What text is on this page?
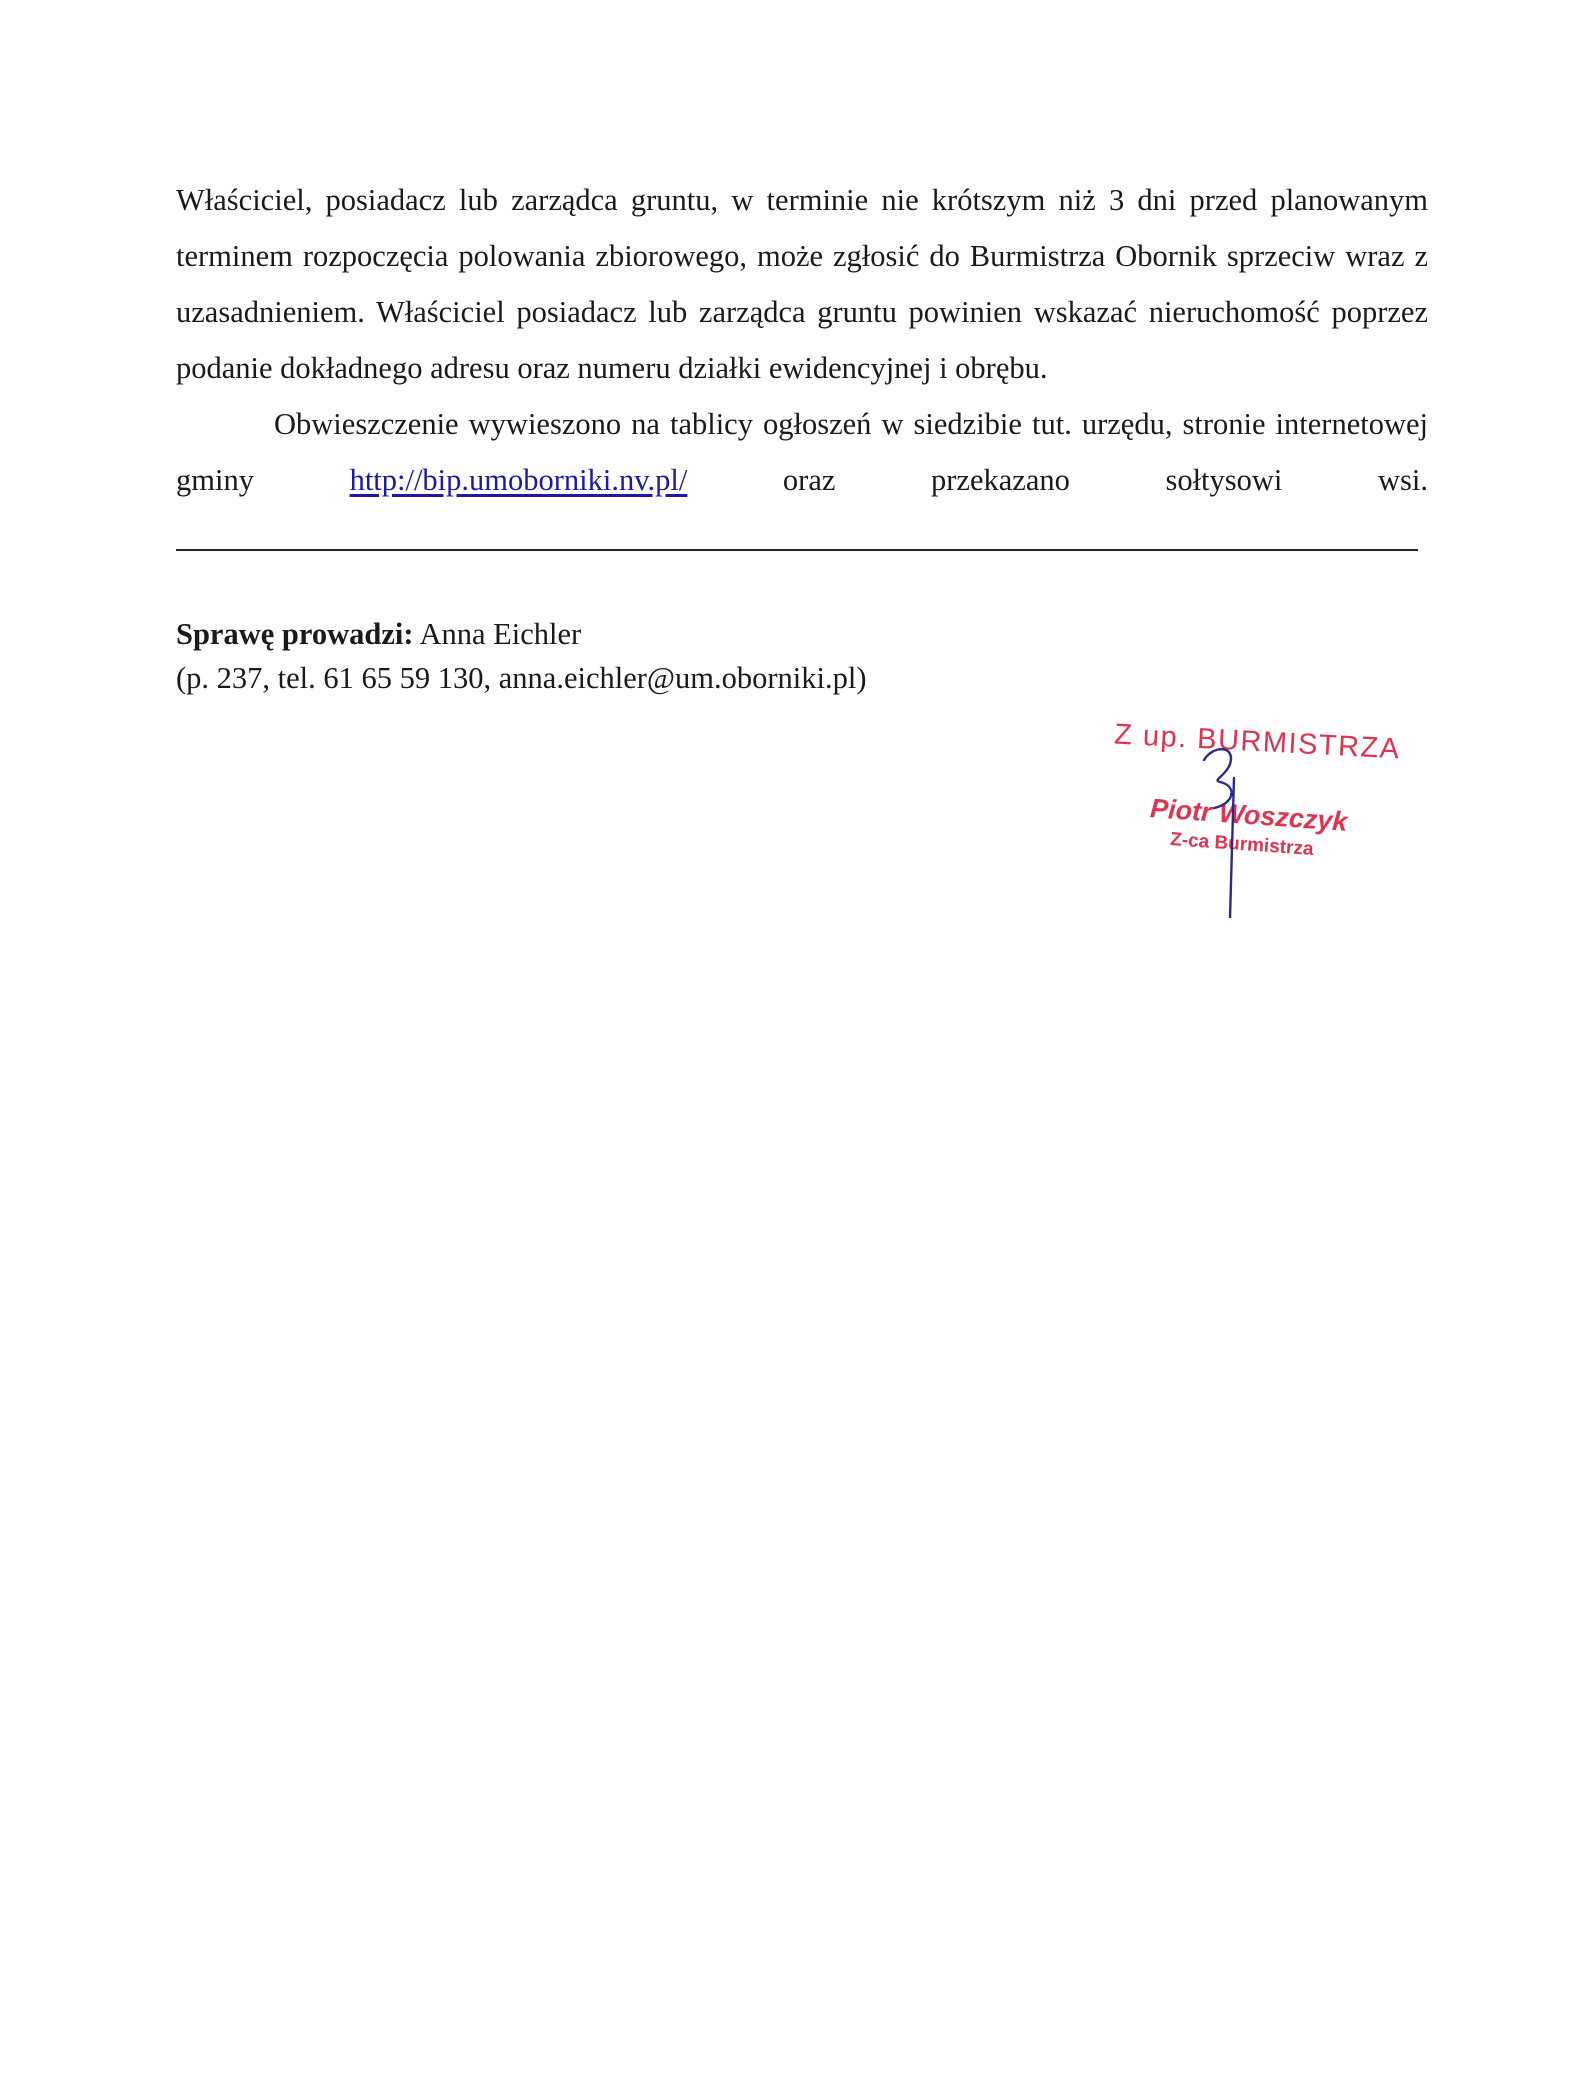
Właściciel, posiadacz lub zarządca gruntu, w terminie nie krótszym niż 3 dni przed planowanym terminem rozpoczęcia polowania zbiorowego, może zgłosić do Burmistrza Obornik sprzeciw wraz z uzasadnieniem. Właściciel posiadacz lub zarządca gruntu powinien wskazać nieruchomość poprzez podanie dokładnego adresu oraz numeru działki ewidencyjnej i obrębu.

Obwieszczenie wywieszono na tablicy ogłoszeń w siedzibie tut. urzędu, stronie internetowej gminy http://bip.umoborniki.nv.pl/ oraz przekazano sołtysowi wsi.

Sprawę prowadzi: Anna Eichler
(p. 237, tel. 61 65 59 130, anna.eichler@um.oborniki.pl)
Z up. BURMISTRZA
Piotr Woszczyk
Z-ca Burmistrza
